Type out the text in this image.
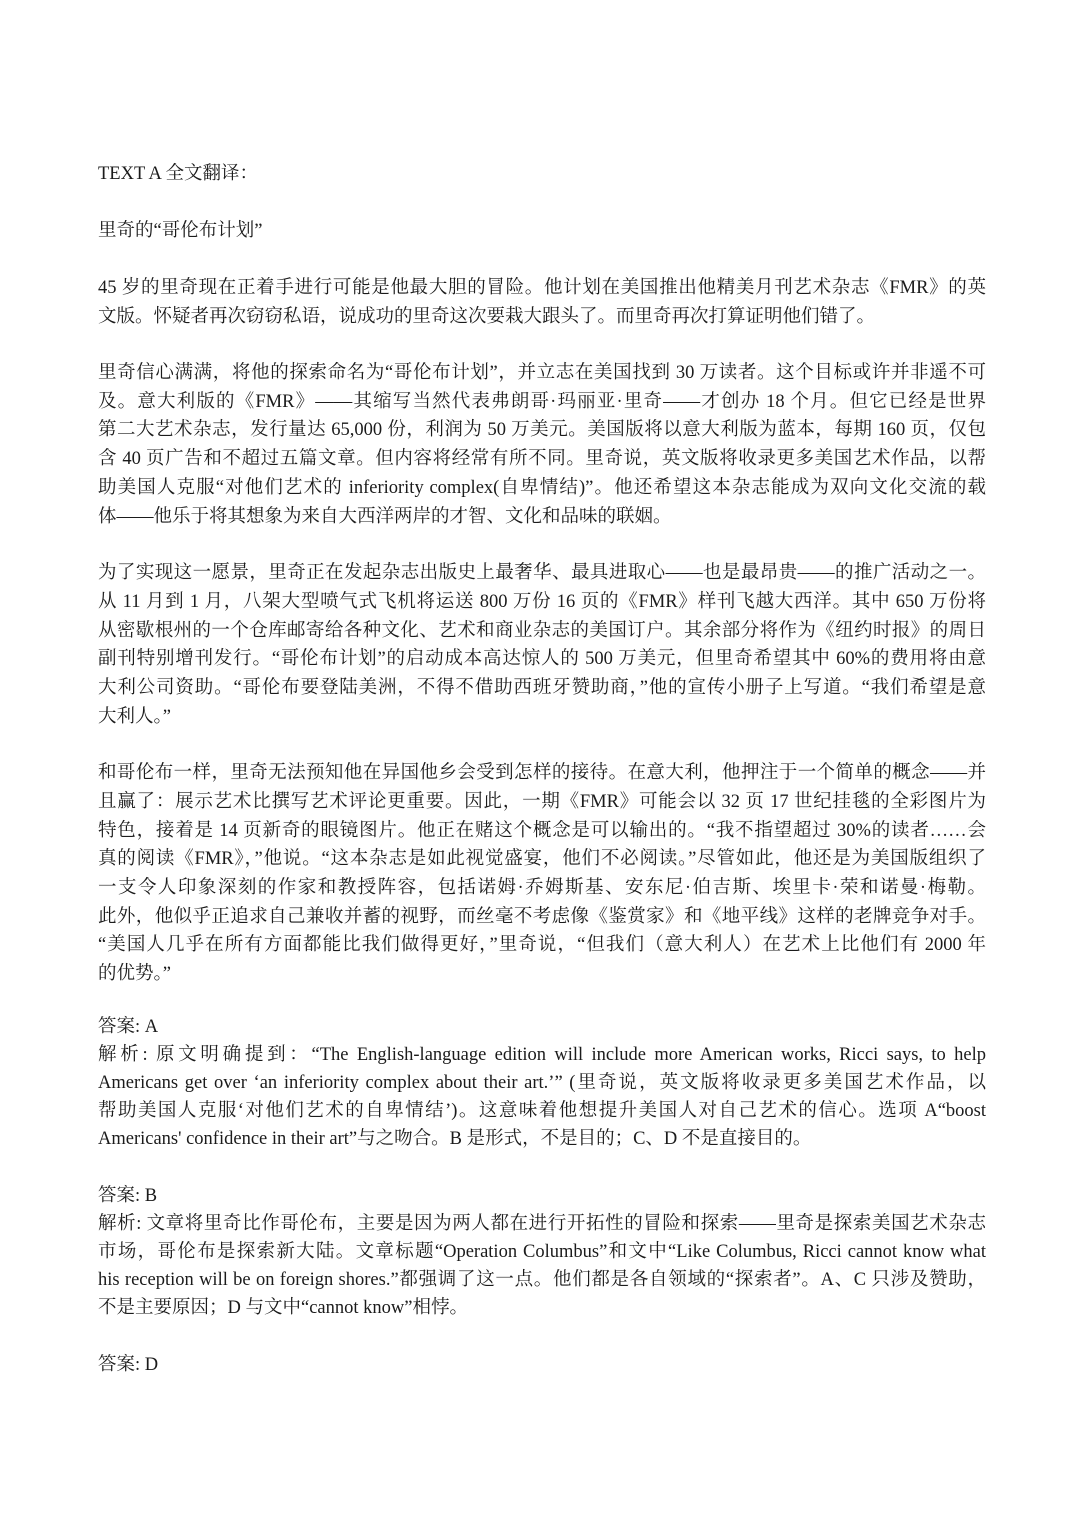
TEXT A 全文翻译：
里奇的“哥伦布计划”
45 岁的里奇现在正着手进行可能是他最大胆的冒险。他计划在美国推出他精美月刊艺术杂志《FMR》的英
文版。怀疑者再次窃窃私语，说成功的里奇这次要栽大跟头了。而里奇再次打算证明他们错了。
里奇信心满满，将他的探索命名为“哥伦布计划”，并立志在美国找到 30 万读者。这个目标或许并非遥不可
及。意大利版的《FMR》——其缩写当然代表弗朗哥·玛丽亚·里奇——才创办 18 个月。但它已经是世界
第二大艺术杂志，发行量达 65,000 份，利润为 50 万美元。美国版将以意大利版为蓝本，每期 160 页，仅包
含 40 页广告和不超过五篇文章。但内容将经常有所不同。里奇说，英文版将收录更多美国艺术作品，以帮
助美国人克服“对他们艺术的 inferiority complex(自卑情结)”。他还希望这本杂志能成为双向文化交流的载
体——他乐于将其想象为来自大西洋两岸的才智、文化和品味的联姻。
为了实现这一愿景，里奇正在发起杂志出版史上最奢华、最具进取心——也是最昂贵——的推广活动之一。
从 11 月到 1 月，八架大型喷气式飞机将运送 800 万份 16 页的《FMR》样刊飞越大西洋。其中 650 万份将
从密歇根州的一个仓库邮寄给各种文化、艺术和商业杂志的美国订户。其余部分将作为《纽约时报》的周日
副刊特别增刊发行。“哥伦布计划”的启动成本高达惊人的 500 万美元，但里奇希望其中 60%的费用将由意
大利公司资助。“哥伦布要登陆美洲，不得不借助西班牙赞助商，”他的宣传小册子上写道。“我们希望是意
大利人。”
和哥伦布一样，里奇无法预知他在异国他乡会受到怎样的接待。在意大利，他押注于一个简单的概念——并
且赢了：展示艺术比撰写艺术评论更重要。因此，一期《FMR》可能会以 32 页 17 世纪挂毯的全彩图片为
特色，接着是 14 页新奇的眼镜图片。他正在赌这个概念是可以输出的。“我不指望超过 30%的读者……会
真的阅读《FMR》，”他说。“这本杂志是如此视觉盛宴，他们不必阅读。”尽管如此，他还是为美国版组织了
一支令人印象深刻的作家和教授阵容，包括诺姆·乔姆斯基、安东尼·伯吉斯、埃里卡·荣和诺曼·梅勒。
此外，他似乎正追求自己兼收并蓄的视野，而丝毫不考虑像《鉴赏家》和《地平线》这样的老牌竞争对手。
“美国人几乎在所有方面都能比我们做得更好，”里奇说，“但我们（意大利人）在艺术上比他们有 2000 年
的优势。”
答案: A
解析: 原文明确提到：“The English-language edition will include more American works, Ricci says, to help
Americans get over ‘an inferiority complex about their art.’” (里奇说，英文版将收录更多美国艺术作品，以
帮助美国人克服‘对他们艺术的自卑情结’)。这意味着他想提升美国人对自己艺术的信心。选项 A“boost
Americans' confidence in their art”与之吻合。B 是形式，不是目的；C、D 不是直接目的。
答案: B
解析: 文章将里奇比作哥伦布，主要是因为两人都在进行开拓性的冒险和探索——里奇是探索美国艺术杂志
市场，哥伦布是探索新大陆。文章标题“Operation Columbus”和文中“Like Columbus, Ricci cannot know what
his reception will be on foreign shores.”都强调了这一点。他们都是各自领域的“探索者”。A、C 只涉及赞助，
不是主要原因；D 与文中“cannot know”相悖。
答案: D
